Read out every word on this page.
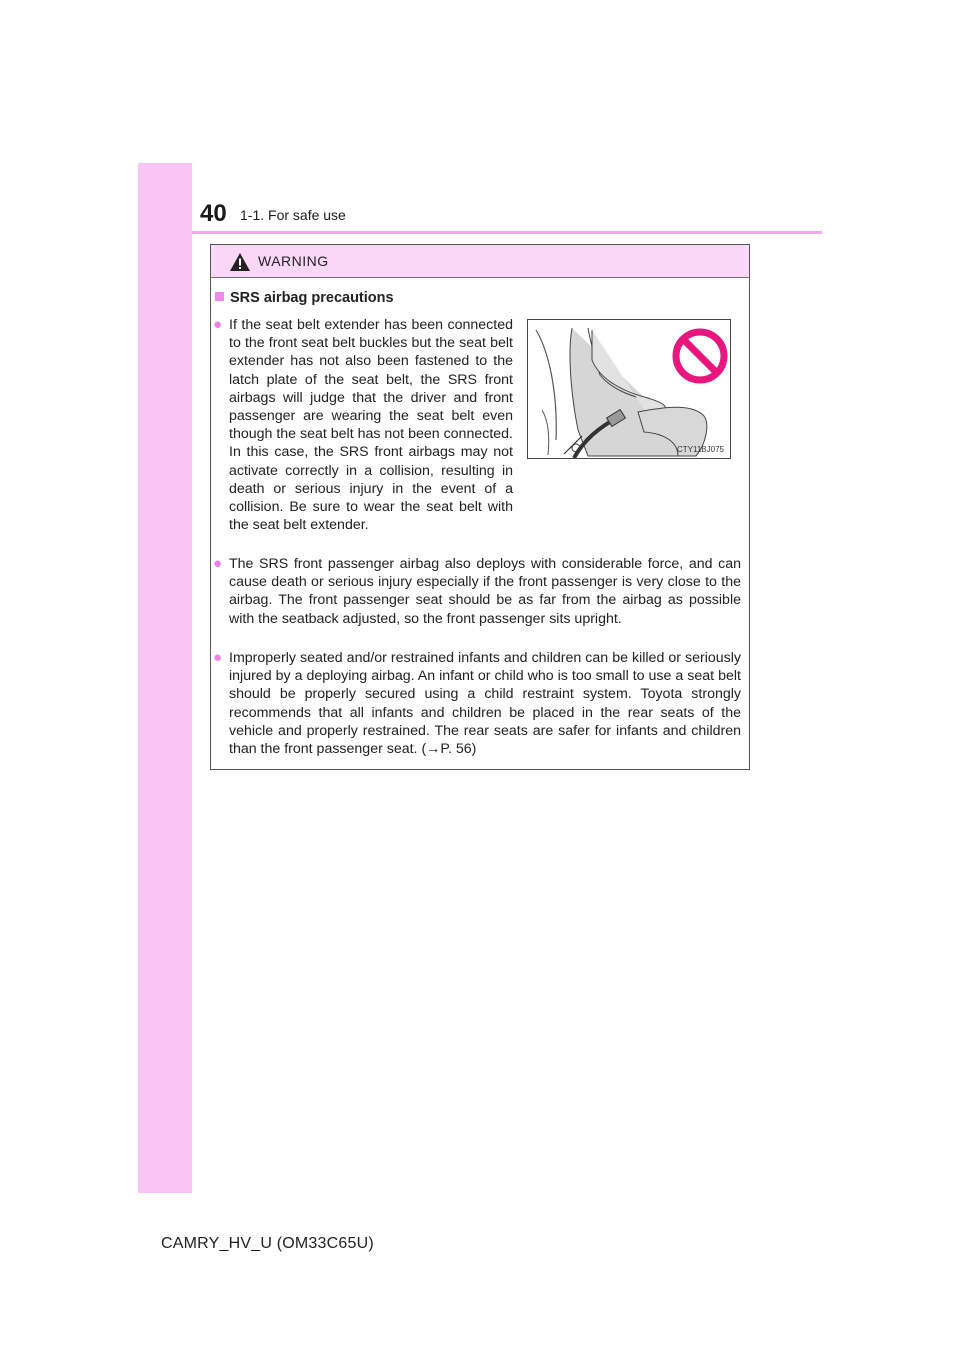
40 1-1. For safe use
WARNING
SRS airbag precautions
● If the seat belt extender has been connected to the front seat belt buckles but the seat belt extender has not also been fastened to the latch plate of the seat belt, the SRS front airbags will judge that the driver and front passenger are wearing the seat belt even though the seat belt has not been connected. In this case, the SRS front airbags may not activate correctly in a collision, resulting in death or serious injury in the event of a collision. Be sure to wear the seat belt with the seat belt extender.
CTY11BJ075
● The SRS front passenger airbag also deploys with considerable force, and can cause death or serious injury especially if the front passenger is very close to the airbag. The front passenger seat should be as far from the airbag as possible with the seatback adjusted, so the front passenger sits upright.
● Improperly seated and/or restrained infants and children can be killed or seriously injured by a deploying airbag. An infant or child who is too small to use a seat belt should be properly secured using a child restraint system. Toyota strongly recommends that all infants and children be placed in the rear seats of the vehicle and properly restrained. The rear seats are safer for infants and children than the front passenger seat. (→P. 56)
CAMRY_HV_U (OM33C65U)
